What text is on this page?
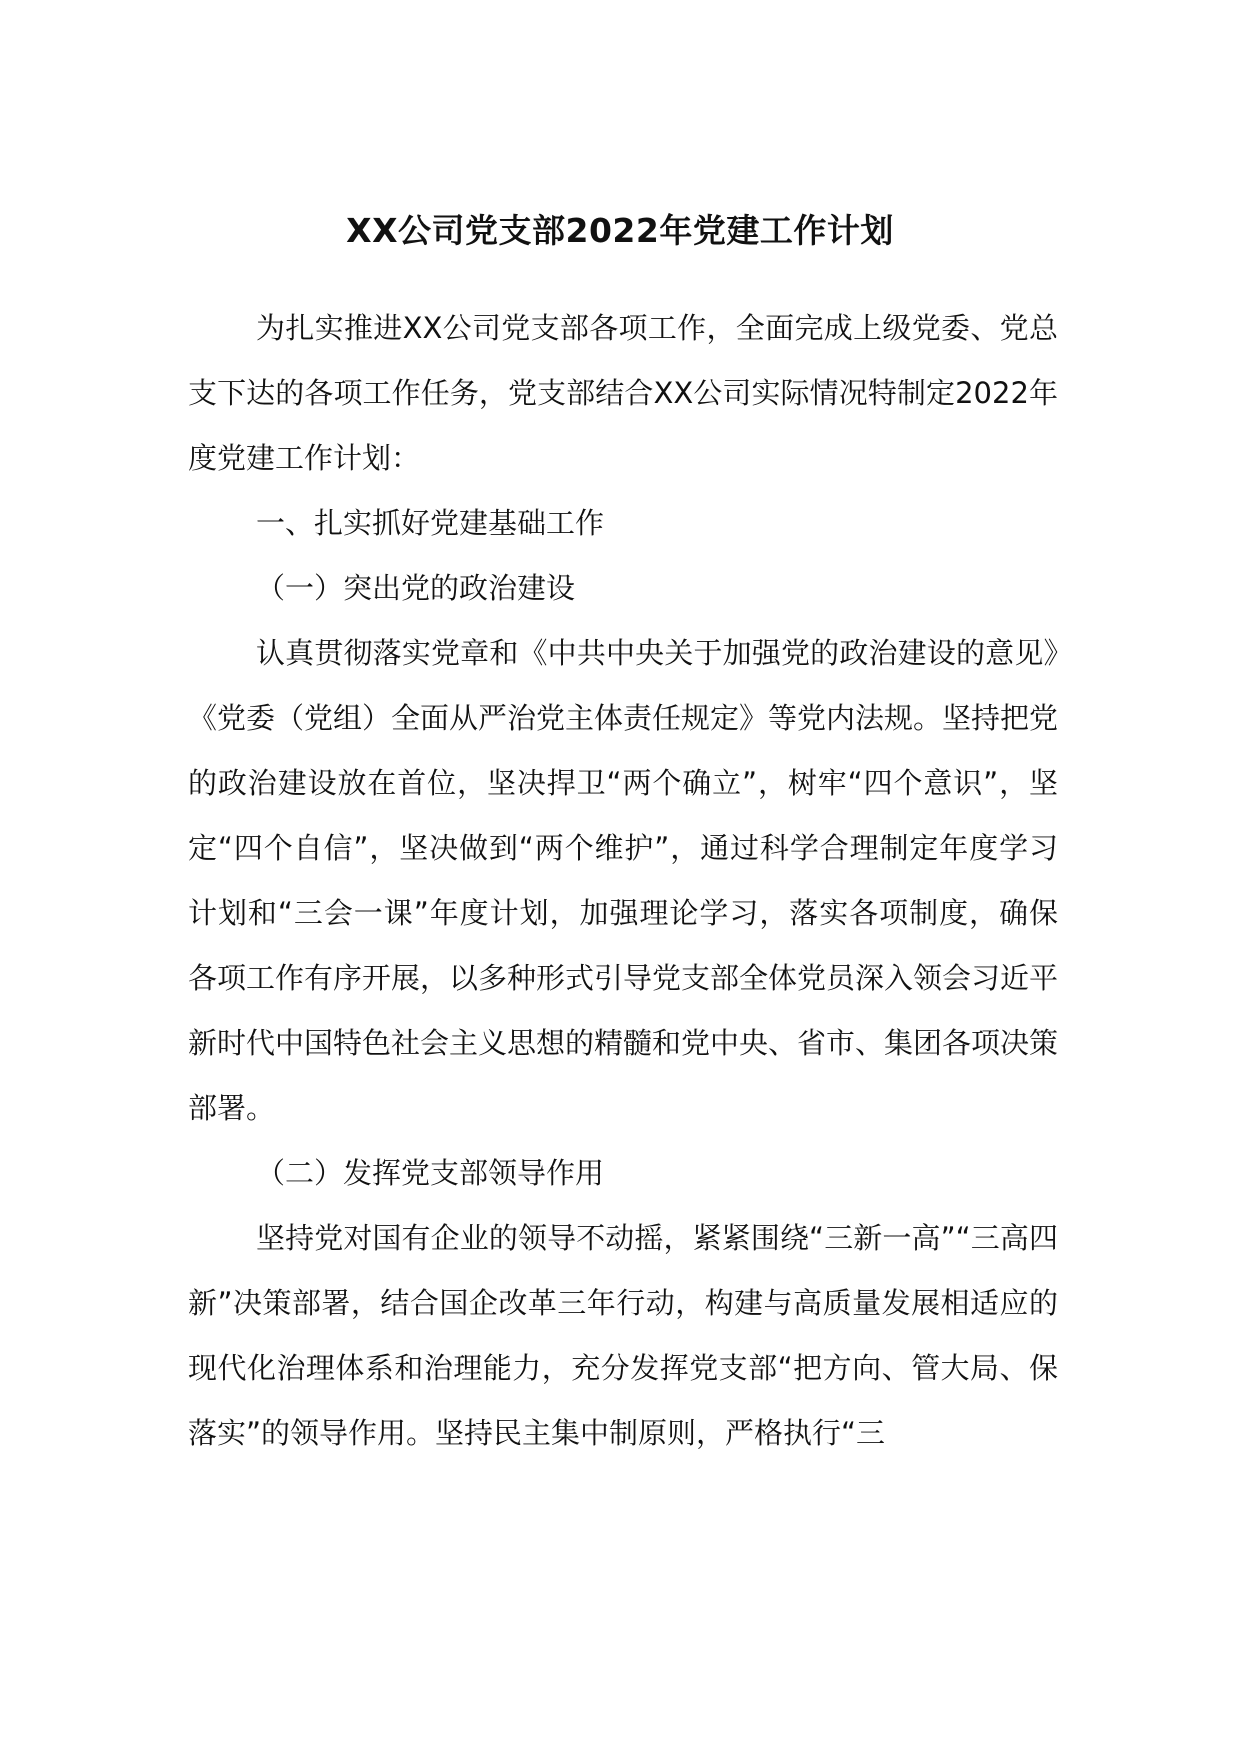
XX公司党支部2022年党建工作计划

为扎实推进XX公司党支部各项工作，全面完成上级党委、党总支下达的各项工作任务，党支部结合XX公司实际情况特制定2022年度党建工作计划：

一、扎实抓好党建基础工作

（一）突出党的政治建设

认真贯彻落实党章和《中共中央关于加强党的政治建设的意见》《党委（党组）全面从严治党主体责任规定》等党内法规。坚持把党的政治建设放在首位，坚决捍卫“两个确立”，树牢“四个意识”，坚定“四个自信”，坚决做到“两个维护”，通过科学合理制定年度学习计划和“三会一课”年度计划，加强理论学习，落实各项制度，确保各项工作有序开展，以多种形式引导党支部全体党员深入领会习近平新时代中国特色社会主义思想的精髓和党中央、省市、集团各项决策部署。

（二）发挥党支部领导作用

坚持党对国有企业的领导不动摇，紧紧围绕“三新一高”“三高四新”决策部署，结合国企改革三年行动，构建与高质量发展相适应的现代化治理体系和治理能力，充分发挥党支部“把方向、管大局、保落实”的领导作用。坚持民主集中制原则，严格执行“三
